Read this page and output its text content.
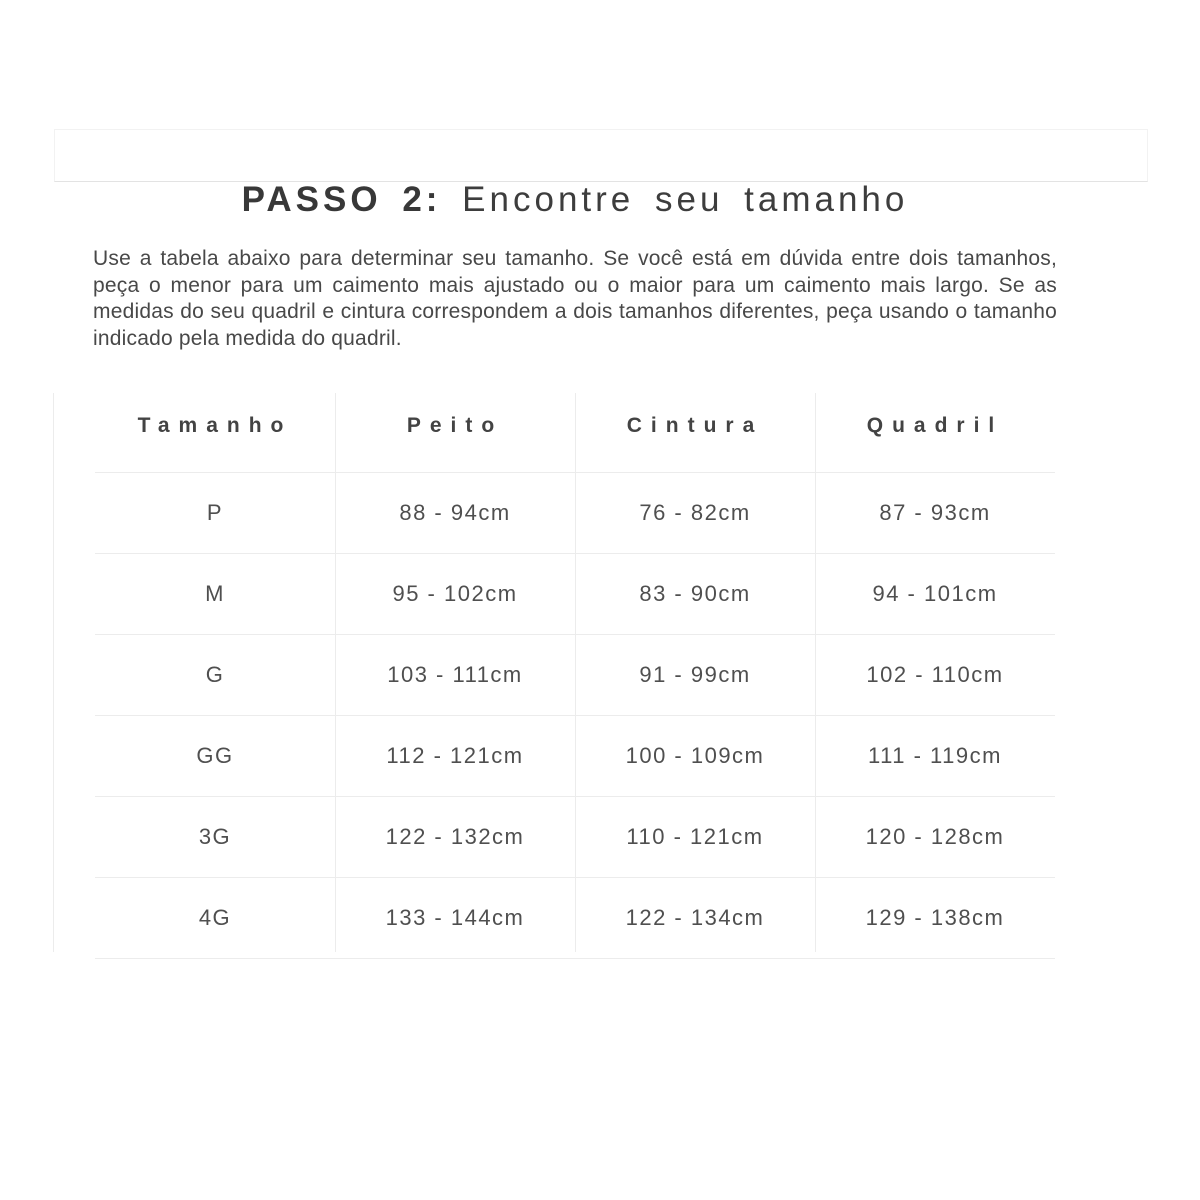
PASSO 2: Encontre seu tamanho

Use a tabela abaixo para determinar seu tamanho. Se você está em dúvida entre dois tamanhos, peça o menor para um caimento mais ajustado ou o maior para um caimento mais largo. Se as medidas do seu quadril e cintura correspondem a dois tamanhos diferentes, peça usando o tamanho indicado pela medida do quadril.

Tamanho	Peito	Cintura	Quadril
P	88 - 94cm	76 - 82cm	87 - 93cm
M	95 - 102cm	83 - 90cm	94 - 101cm
G	103 - 111cm	91 - 99cm	102 - 110cm
GG	112 - 121cm	100 - 109cm	111 - 119cm
3G	122 - 132cm	110 - 121cm	120 - 128cm
4G	133 - 144cm	122 - 134cm	129 - 138cm
